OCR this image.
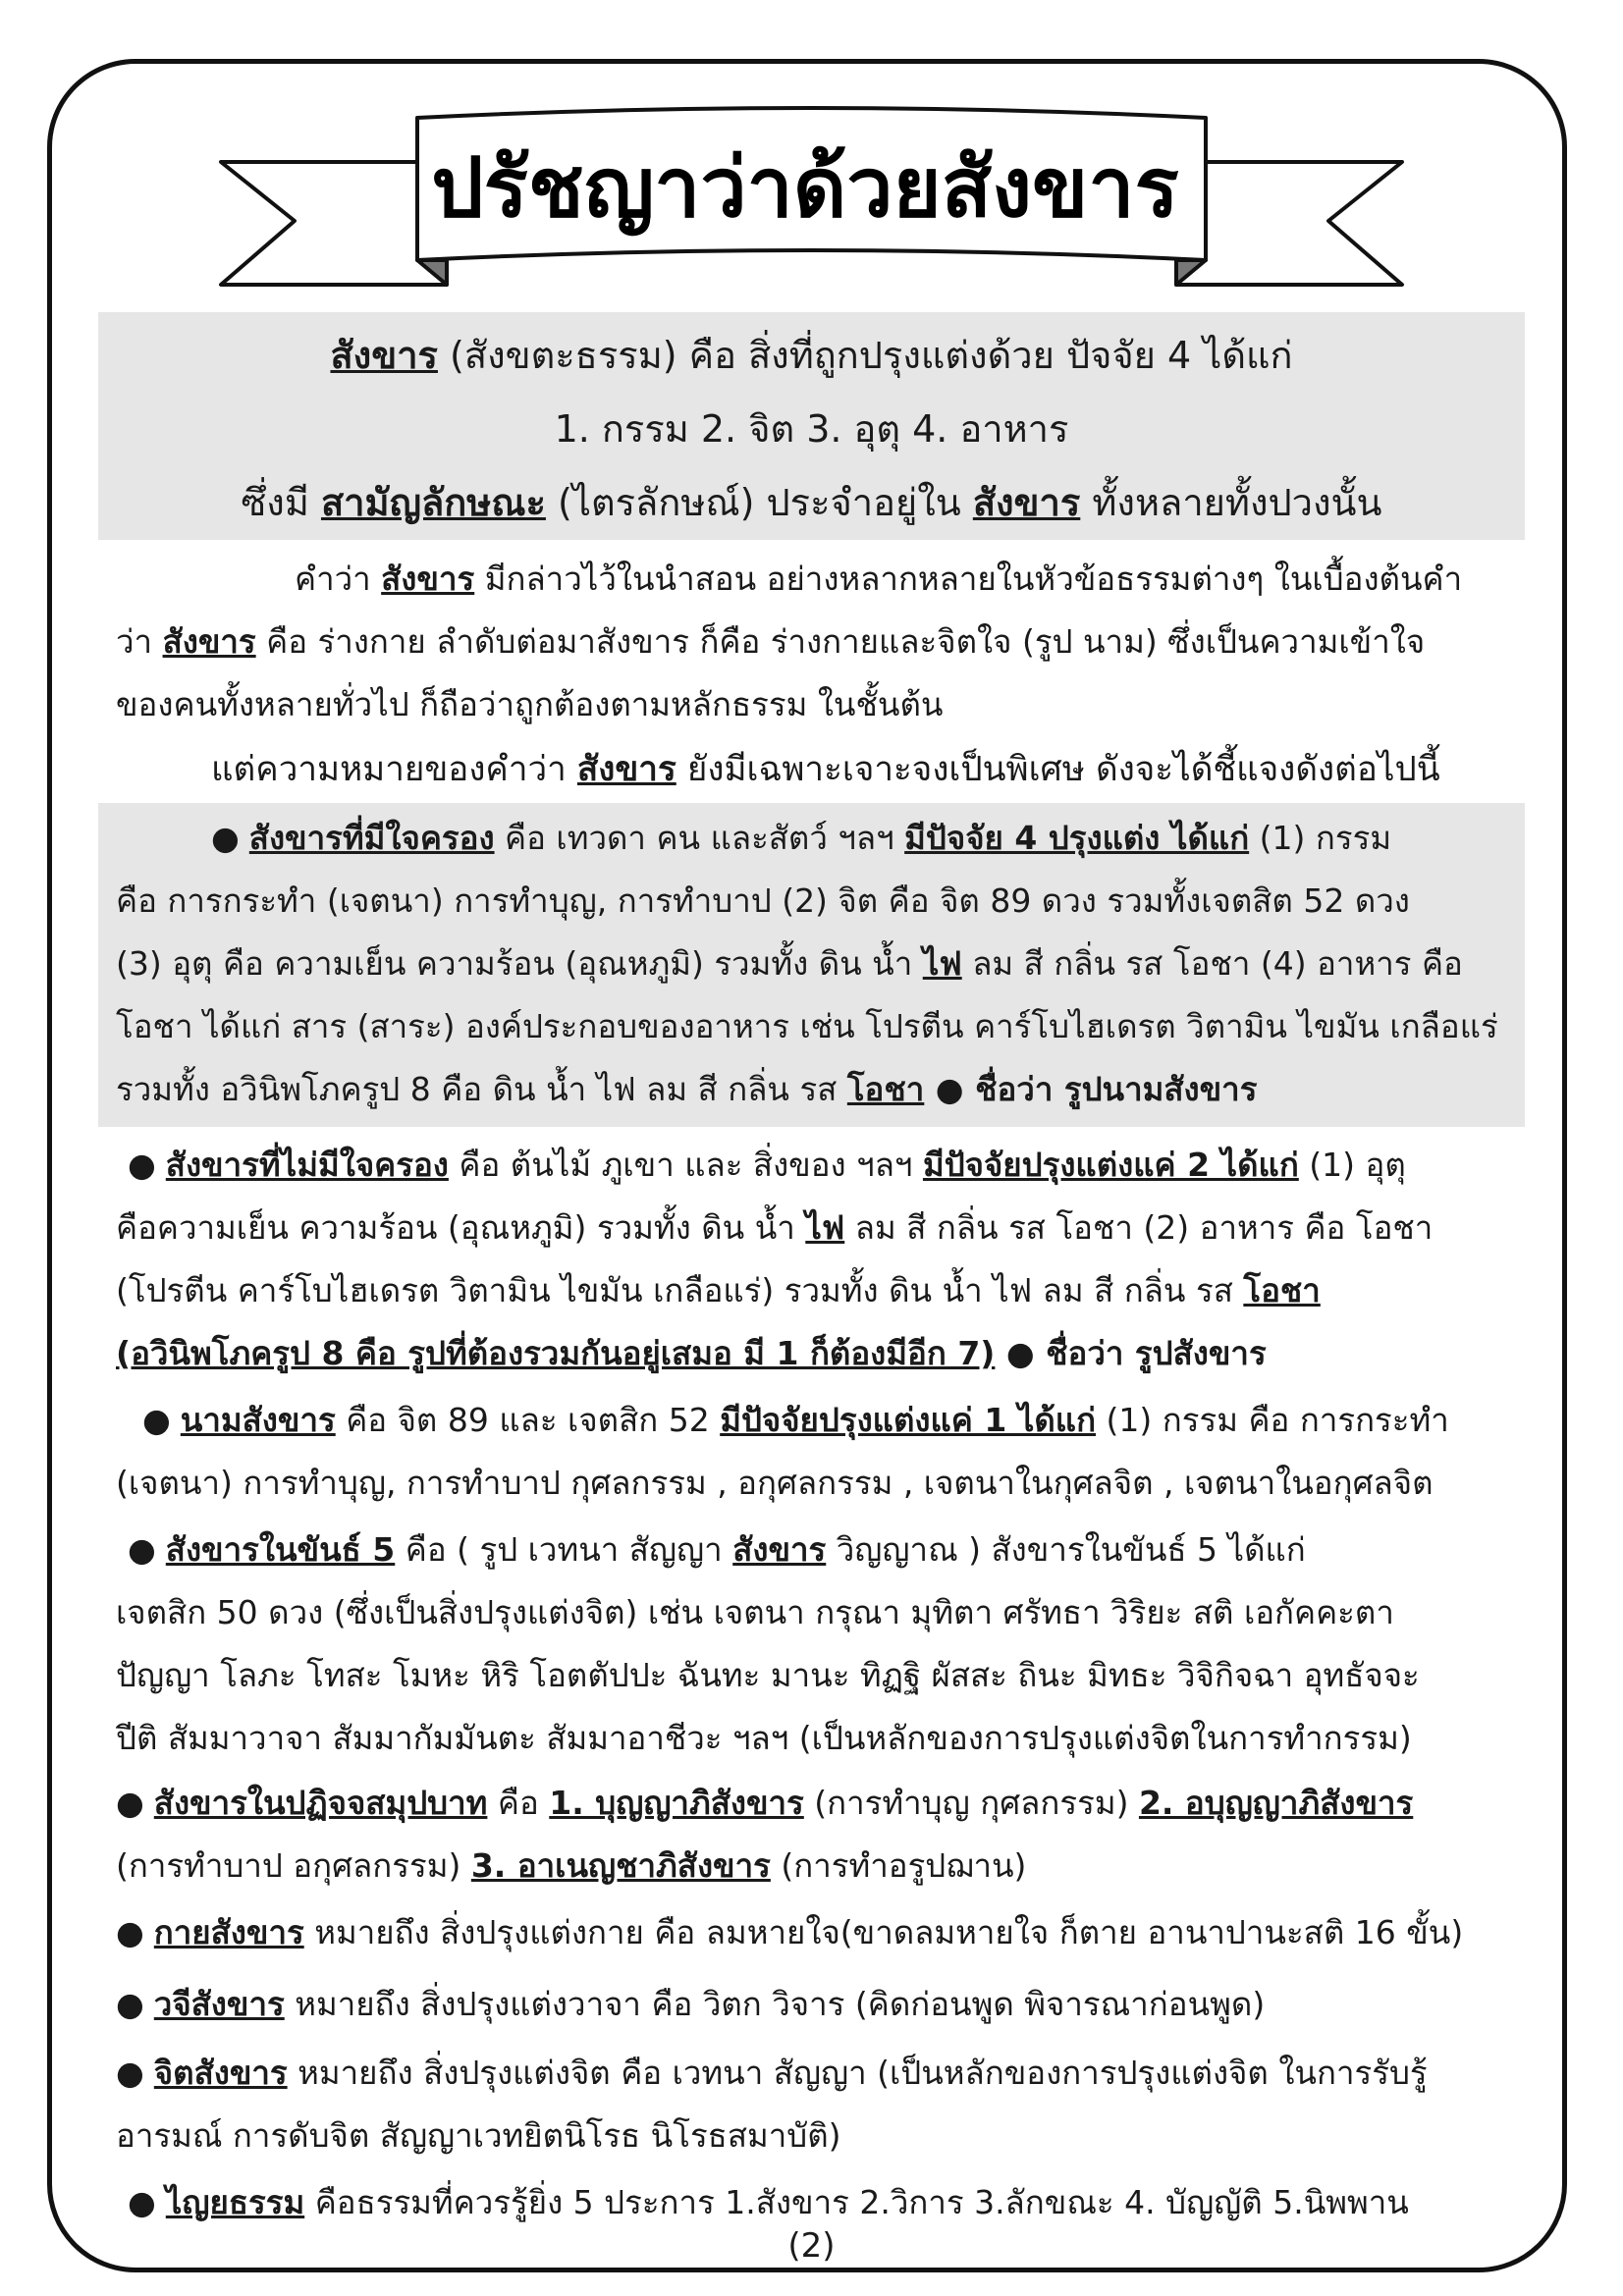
ปรัชญาว่าด้วยสังขาร
สังขาร (สังขตะธรรม) คือ สิ่งที่ถูกปรุงแต่งด้วย ปัจจัย 4 ได้แก่
1. กรรม 2. จิต 3. อุตุ 4. อาหาร
ซึ่งมี สามัญลักษณะ (ไตรลักษณ์) ประจำอยู่ใน สังขาร ทั้งหลายทั้งปวงนั้น
คำว่า สังขาร มีกล่าวไว้ในนำสอน อย่างหลากหลายในหัวข้อธรรมต่างๆ ในเบื้องต้นคำ
ว่า สังขาร คือ ร่างกาย ลำดับต่อมาสังขาร ก็คือ ร่างกายและจิตใจ (รูป นาม) ซึ่งเป็นความเข้าใจ
ของคนทั้งหลายทั่วไป ก็ถือว่าถูกต้องตามหลักธรรม ในชั้นต้น
แต่ความหมายของคำว่า สังขาร ยังมีเฉพาะเจาะจงเป็นพิเศษ ดังจะได้ชี้แจงดังต่อไปนี้
● สังขารที่มีใจครอง คือ เทวดา คน และสัตว์ ฯลฯ มีปัจจัย 4 ปรุงแต่ง ได้แก่ (1) กรรม
คือ การกระทำ (เจตนา) การทำบุญ, การทำบาป (2) จิต คือ จิต 89 ดวง รวมทั้งเจตสิต 52 ดวง
(3) อุตุ คือ ความเย็น ความร้อน (อุณหภูมิ) รวมทั้ง ดิน น้ำ ไฟ ลม สี กลิ่น รส โอชา (4) อาหาร คือ
โอชา ได้แก่ สาร (สาระ) องค์ประกอบของอาหาร เช่น โปรตีน คาร์โบไฮเดรต วิตามิน ไขมัน เกลือแร่
รวมทั้ง อวินิพโภครูป 8 คือ ดิน น้ำ ไฟ ลม สี กลิ่น รส โอชา ● ชื่อว่า รูปนามสังขาร
● สังขารที่ไม่มีใจครอง คือ ต้นไม้ ภูเขา และ สิ่งของ ฯลฯ มีปัจจัยปรุงแต่งแค่ 2 ได้แก่ (1) อุตุ
คือความเย็น ความร้อน (อุณหภูมิ) รวมทั้ง ดิน น้ำ ไฟ ลม สี กลิ่น รส โอชา (2) อาหาร คือ โอชา
(โปรตีน คาร์โบไฮเดรต วิตามิน ไขมัน เกลือแร่) รวมทั้ง ดิน น้ำ ไฟ ลม สี กลิ่น รส โอชา
(อวินิพโภครูป 8 คือ รูปที่ต้องรวมกันอยู่เสมอ มี 1 ก็ต้องมีอีก 7) ● ชื่อว่า รูปสังขาร
● นามสังขาร คือ จิต 89 และ เจตสิก 52 มีปัจจัยปรุงแต่งแค่ 1 ได้แก่ (1) กรรม คือ การกระทำ
(เจตนา) การทำบุญ, การทำบาป กุศลกรรม , อกุศลกรรม , เจตนาในกุศลจิต , เจตนาในอกุศลจิต
● สังขารในขันธ์ 5 คือ ( รูป เวทนา สัญญา สังขาร วิญญาณ ) สังขารในขันธ์ 5 ได้แก่
เจตสิก 50 ดวง (ซึ่งเป็นสิ่งปรุงแต่งจิต) เช่น เจตนา กรุณา มุทิตา ศรัทธา วิริยะ สติ เอกัคคะตา
ปัญญา โลภะ โทสะ โมหะ หิริ โอตตัปปะ ฉันทะ มานะ ทิฏฐิ ผัสสะ ถินะ มิทธะ วิจิกิจฉา อุทธัจจะ
ปีติ สัมมาวาจา สัมมากัมมันตะ สัมมาอาชีวะ ฯลฯ (เป็นหลักของการปรุงแต่งจิตในการทำกรรม)
● สังขารในปฏิจจสมุปบาท คือ 1. บุญญาภิสังขาร (การทำบุญ กุศลกรรม) 2. อบุญญาภิสังขาร
(การทำบาป อกุศลกรรม) 3. อาเนญชาภิสังขาร (การทำอรูปฌาน)
● กายสังขาร หมายถึง สิ่งปรุงแต่งกาย คือ ลมหายใจ(ขาดลมหายใจ ก็ตาย อานาปานะสติ 16 ขั้น)
● วจีสังขาร หมายถึง สิ่งปรุงแต่งวาจา คือ วิตก วิจาร (คิดก่อนพูด พิจารณาก่อนพูด)
● จิตสังขาร หมายถึง สิ่งปรุงแต่งจิต คือ เวทนา สัญญา (เป็นหลักของการปรุงแต่งจิต ในการรับรู้
อารมณ์ การดับจิต สัญญาเวทยิตนิโรธ นิโรธสมาบัติ)
● ไญยธรรม คือธรรมที่ควรรู้ยิ่ง 5 ประการ 1.สังขาร 2.วิการ 3.ลักขณะ 4. บัญญัติ 5.นิพพาน
(2)
